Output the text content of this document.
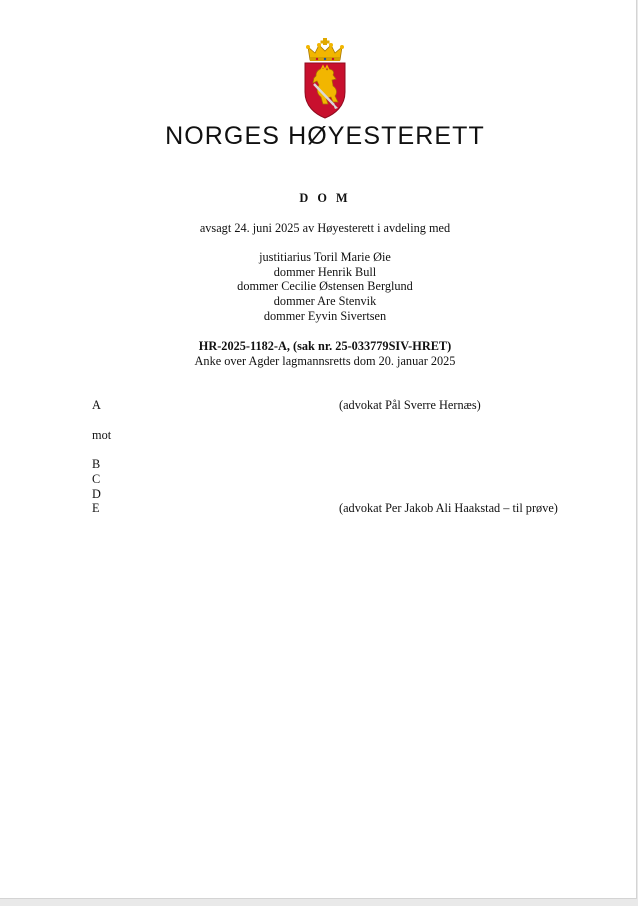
NORGES HØYESTERETT
D O M
avsagt 24. juni 2025 av Høyesterett i avdeling med
justitiarius Toril Marie Øie
dommer Henrik Bull
dommer Cecilie Østensen Berglund
dommer Are Stenvik
dommer Eyvin Sivertsen
HR-2025-1182-A, (sak nr. 25-033779SIV-HRET)
Anke over Agder lagmannsretts dom 20. januar 2025
A	(advokat Pål Sverre Hernæs)
mot
B
C
D
E	(advokat Per Jakob Ali Haakstad – til prøve)
